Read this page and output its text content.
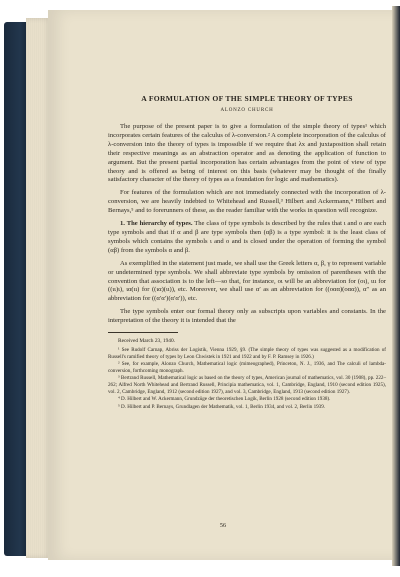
A FORMULATION OF THE SIMPLE THEORY OF TYPES
ALONZO CHURCH

The purpose of the present paper is to give a formulation of the simple theory of types¹ which incorporates certain features of the calculus of λ-conversion.² A complete incorporation of the calculus of λ-conversion into the theory of types is impossible if we require that λx and juxtaposition shall retain their respective meanings as an abstraction operator and as denoting the application of function to argument. But the present partial incorporation has certain advantages from the point of view of type theory and is offered as being of interest on this basis (whatever may be thought of the finally satisfactory character of the theory of types as a foundation for logic and mathematics).

For features of the formulation which are not immediately connected with the incorporation of λ-conversion, we are heavily indebted to Whitehead and Russell,³ Hilbert and Ackermann,⁴ Hilbert and Bernays,⁵ and to forerunners of these, as the reader familiar with the works in question will recognize.

1. The hierarchy of types. The class of type symbols is described by the rules that ι and ο are each type symbols and that if α and β are type symbols then (αβ) is a type symbol: it is the least class of symbols which contains the symbols ι and ο and is closed under the operation of forming the symbol (αβ) from the symbols α and β.

As exemplified in the statement just made, we shall use the Greek letters α, β, γ to represent variable or undetermined type symbols. We shall abbreviate type symbols by omission of parentheses with the convention that association is to the left—so that, for instance, οι will be an abbreviation for (οι), ιιι for ((ιι)ι), ια(ιι) for ((ια)(ιι)), etc. Moreover, we shall use α′ as an abbreviation for ((οαα)(οαα)), α′′ as an abbreviation for ((α′α′)(α′α′)), etc.

The type symbols enter our formal theory only as subscripts upon variables and constants. In the interpretation of the theory it is intended that the

Received March 23, 1940.

¹ See Rudolf Carnap, Abriss der Logistik, Vienna 1929, §9. (The simple theory of types was suggested as a modification of Russell's ramified theory of types by Leon Chwistek in 1921 and 1922 and by F. P. Ramsey in 1926.)

² See, for example, Alonzo Church, Mathematical logic (mimeographed), Princeton, N. J., 1936, and The calculi of lambda-conversion, forthcoming monograph.

³ Bertrand Russell, Mathematical logic as based on the theory of types, American journal of mathematics, vol. 30 (1908), pp. 222–262; Alfred North Whitehead and Bertrand Russell, Principia mathematica, vol. 1, Cambridge, England, 1910 (second edition 1925), vol. 2, Cambridge, England, 1912 (second edition 1927), and vol. 3, Cambridge, England, 1913 (second edition 1927).

⁴ D. Hilbert and W. Ackermann, Grundzüge der theoretischen Logik, Berlin 1928 (second edition 1938).

⁵ D. Hilbert and P. Bernays, Grundlagen der Mathematik, vol. 1, Berlin 1934, and vol. 2, Berlin 1939.

56
